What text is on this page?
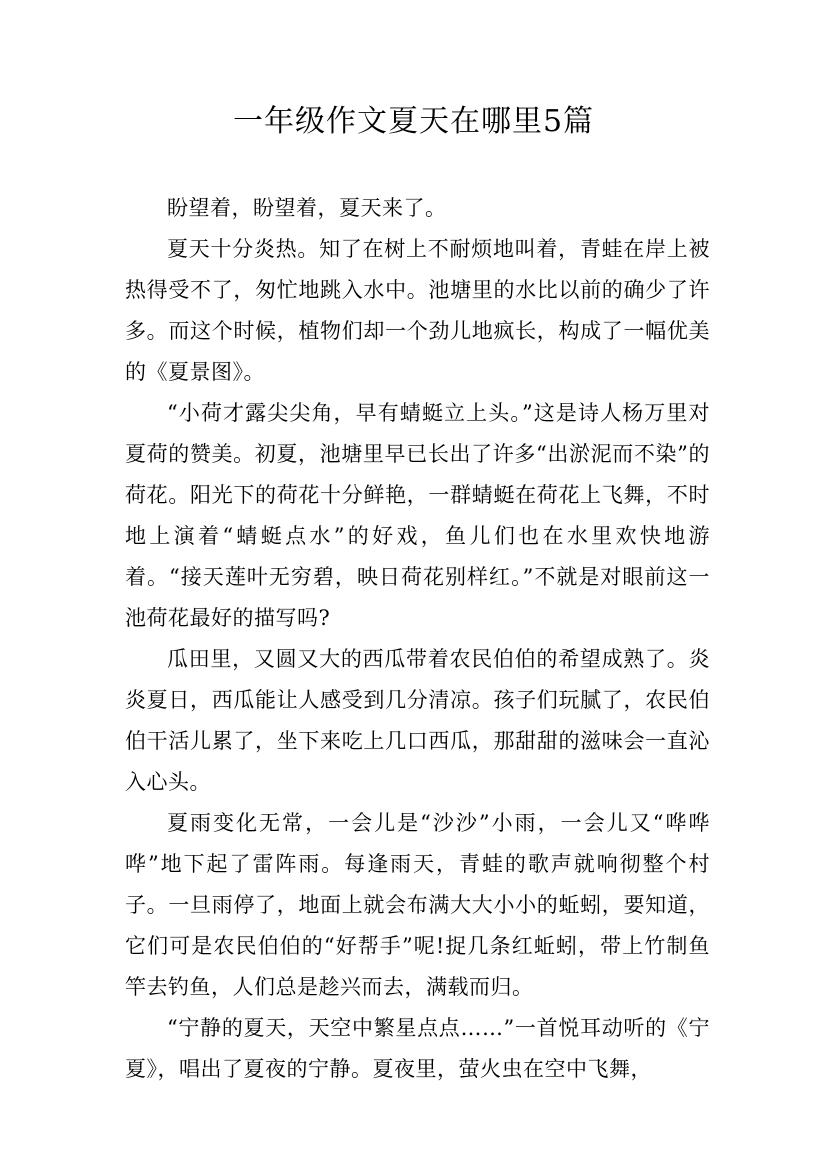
一年级作文夏天在哪里5篇

盼望着，盼望着，夏天来了。

夏天十分炎热。知了在树上不耐烦地叫着，青蛙在岸上被热得受不了，匆忙地跳入水中。池塘里的水比以前的确少了许多。而这个时候，植物们却一个劲儿地疯长，构成了一幅优美的《夏景图》。

“小荷才露尖尖角，早有蜻蜓立上头。”这是诗人杨万里对夏荷的赞美。初夏，池塘里早已长出了许多“出淤泥而不染”的荷花。阳光下的荷花十分鲜艳，一群蜻蜓在荷花上飞舞，不时地上演着“蜻蜓点水”的好戏，鱼儿们也在水里欢快地游着。“接天莲叶无穷碧，映日荷花别样红。”不就是对眼前这一池荷花最好的描写吗?

瓜田里，又圆又大的西瓜带着农民伯伯的希望成熟了。炎炎夏日，西瓜能让人感受到几分清凉。孩子们玩腻了，农民伯伯干活儿累了，坐下来吃上几口西瓜，那甜甜的滋味会一直沁入心头。

夏雨变化无常，一会儿是“沙沙”小雨，一会儿又“哗哗哗”地下起了雷阵雨。每逢雨天，青蛙的歌声就响彻整个村子。一旦雨停了，地面上就会布满大大小小的蚯蚓，要知道，它们可是农民伯伯的“好帮手”呢!捉几条红蚯蚓，带上竹制鱼竿去钓鱼，人们总是趁兴而去，满载而归。

“宁静的夏天，天空中繁星点点……”一首悦耳动听的《宁夏》，唱出了夏夜的宁静。夏夜里，萤火虫在空中飞舞，
